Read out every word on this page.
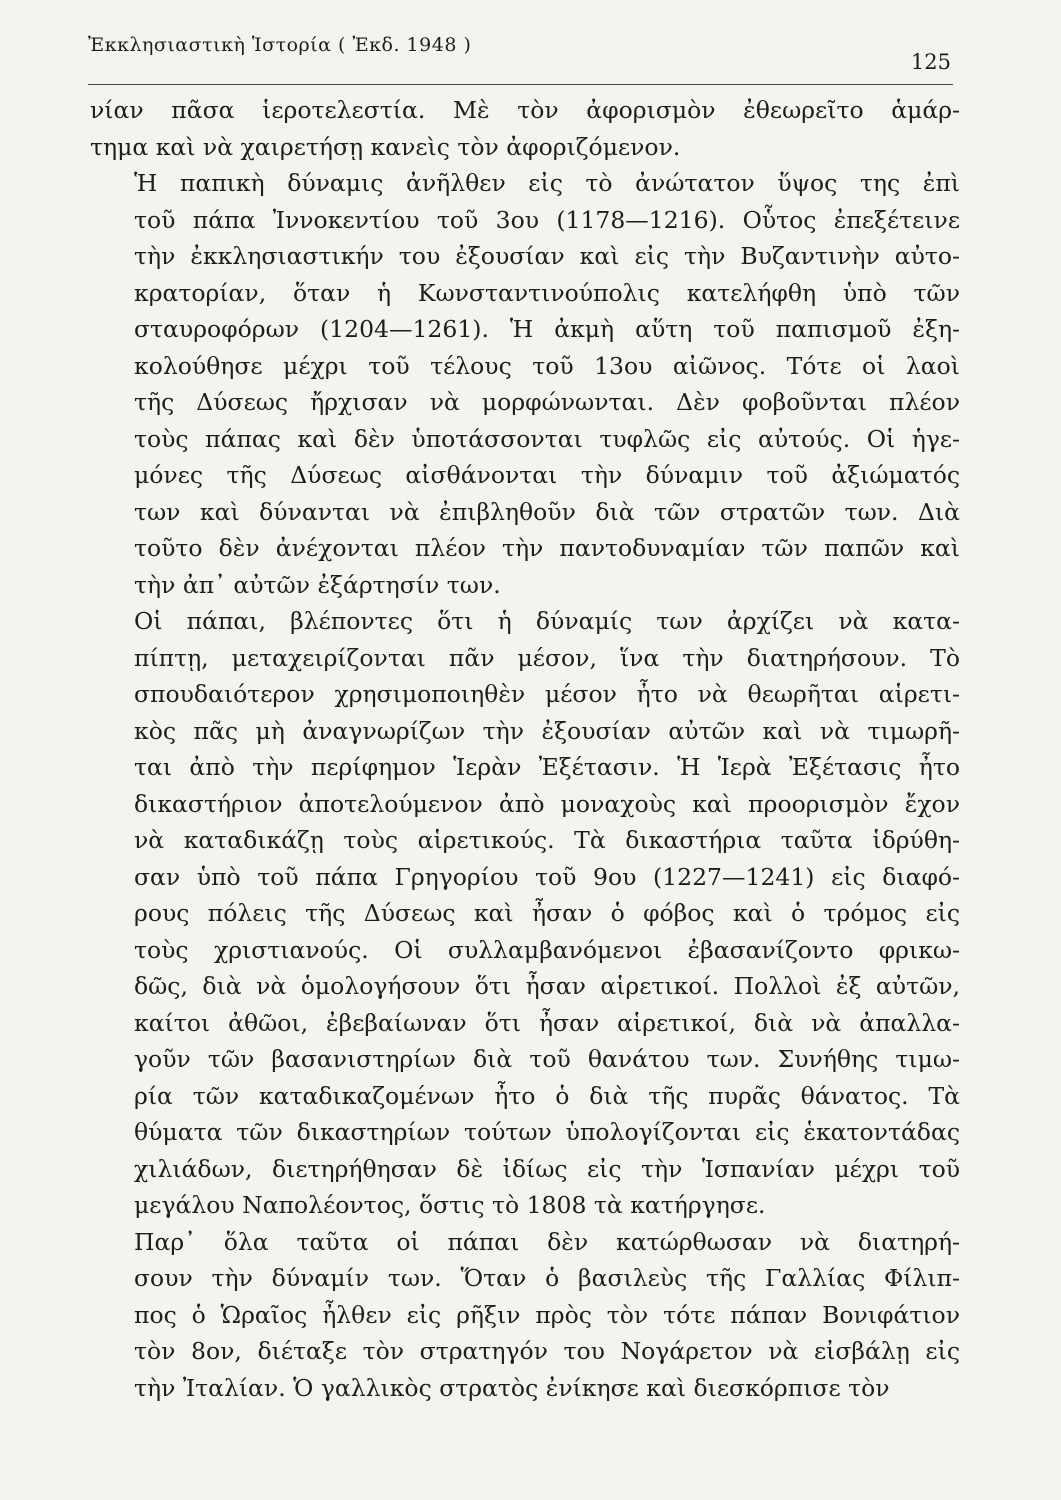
Ἐκκλησιαστικὴ Ἱστορία ( Ἐκδ. 1948 )
125

νίαν πᾶσα ἱεροτελεστία. Μὲ τὸν ἀφορισμὸν ἐθεωρεῖτο ἁμάρ-
τημα καὶ νὰ χαιρετήσῃ κανεὶς τὸν ἀφοριζόμενον.

Ἡ παπικὴ δύναμις ἀνῆλθεν εἰς τὸ ἀνώτατον ὕψος της ἐπὶ
τοῦ πάπα Ἰννοκεντίου τοῦ 3ου (1178—1216). Οὗτος ἐπεξέτεινε
τὴν ἐκκλησιαστικήν του ἐξουσίαν καὶ εἰς τὴν Βυζαντινὴν αὐτο-
κρατορίαν, ὅταν ἡ Κωνσταντινούπολις κατελήφθη ὑπὸ τῶν
σταυροφόρων (1204—1261). Ἡ ἀκμὴ αὕτη τοῦ παπισμοῦ ἐξη-
κολούθησε μέχρι τοῦ τέλους τοῦ 13ου αἰῶνος. Τότε οἱ λαοὶ
τῆς Δύσεως ἤρχισαν νὰ μορφώνωνται. Δὲν φοβοῦνται πλέον
τοὺς πάπας καὶ δὲν ὑποτάσσονται τυφλῶς εἰς αὐτούς. Οἱ ἡγε-
μόνες τῆς Δύσεως αἰσθάνονται τὴν δύναμιν τοῦ ἀξιώματός
των καὶ δύνανται νὰ ἐπιβληθοῦν διὰ τῶν στρατῶν των. Διὰ
τοῦτο δὲν ἀνέχονται πλέον τὴν παντοδυναμίαν τῶν παπῶν καὶ
τὴν ἀπ᾽ αὐτῶν ἐξάρτησίν των.

Οἱ πάπαι, βλέποντες ὅτι ἡ δύναμίς των ἀρχίζει νὰ κατα-
πίπτῃ, μεταχειρίζονται πᾶν μέσον, ἵνα τὴν διατηρήσουν. Τὸ
σπουδαιότερον χρησιμοποιηθὲν μέσον ἦτο νὰ θεωρῆται αἱρετι-
κὸς πᾶς μὴ ἀναγνωρίζων τὴν ἐξουσίαν αὐτῶν καὶ νὰ τιμωρῆ-
ται ἀπὸ τὴν περίφημον Ἱερὰν Ἐξέτασιν. Ἡ Ἱερὰ Ἐξέτασις ἦτο
δικαστήριον ἀποτελούμενον ἀπὸ μοναχοὺς καὶ προορισμὸν ἔχον
νὰ καταδικάζῃ τοὺς αἱρετικούς. Τὰ δικαστήρια ταῦτα ἱδρύθη-
σαν ὑπὸ τοῦ πάπα Γρηγορίου τοῦ 9ου (1227—1241) εἰς διαφό-
ρους πόλεις τῆς Δύσεως καὶ ἦσαν ὁ φόβος καὶ ὁ τρόμος εἰς
τοὺς χριστιανούς. Οἱ συλλαμβανόμενοι ἐβασανίζοντο φρικω-
δῶς, διὰ νὰ ὁμολογήσουν ὅτι ἦσαν αἱρετικοί. Πολλοὶ ἐξ αὐτῶν,
καίτοι ἀθῶοι, ἐβεβαίωναν ὅτι ἦσαν αἱρετικοί, διὰ νὰ ἀπαλλα-
γοῦν τῶν βασανιστηρίων διὰ τοῦ θανάτου των. Συνήθης τιμω-
ρία τῶν καταδικαζομένων ἦτο ὁ διὰ τῆς πυρᾶς θάνατος. Τὰ
θύματα τῶν δικαστηρίων τούτων ὑπολογίζονται εἰς ἑκατοντάδας
χιλιάδων, διετηρήθησαν δὲ ἰδίως εἰς τὴν Ἱσπανίαν μέχρι τοῦ
μεγάλου Ναπολέοντος, ὅστις τὸ 1808 τὰ κατήργησε.

Παρ᾽ ὅλα ταῦτα οἱ πάπαι δὲν κατώρθωσαν νὰ διατηρή-
σουν τὴν δύναμίν των. Ὅταν ὁ βασιλεὺς τῆς Γαλλίας Φίλιπ-
πος ὁ Ὡραῖος ἦλθεν εἰς ρῆξιν πρὸς τὸν τότε πάπαν Βονιφάτιον
τὸν 8ον, διέταξε τὸν στρατηγόν του Νογάρετον νὰ εἰσβάλῃ εἰς
τὴν Ἰταλίαν. Ὁ γαλλικὸς στρατὸς ἐνίκησε καὶ διεσκόρπισε τὸν
